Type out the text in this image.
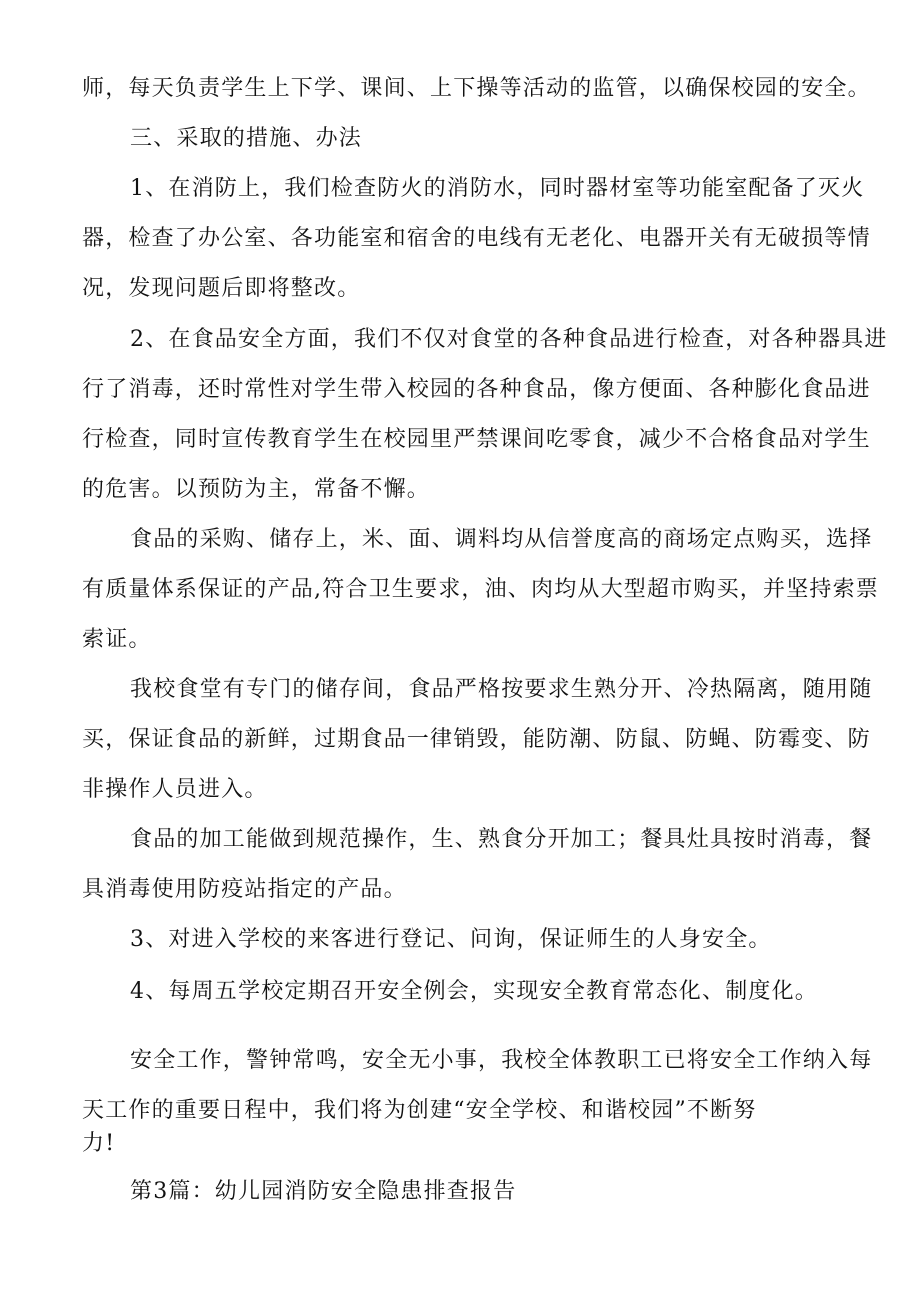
师，每天负责学生上下学、课间、上下操等活动的监管，以确保校园的安全。
三、采取的措施、办法
1、在消防上，我们检查防火的消防水，同时器材室等功能室配备了灭火
器，检查了办公室、各功能室和宿舍的电线有无老化、电器开关有无破损等情
况，发现问题后即将整改。
2、在食品安全方面，我们不仅对食堂的各种食品进行检查，对各种器具进
行了消毒，还时常性对学生带入校园的各种食品，像方便面、各种膨化食品进
行检查，同时宣传教育学生在校园里严禁课间吃零食，减少不合格食品对学生
的危害。以预防为主，常备不懈。
食品的采购、储存上，米、面、调料均从信誉度高的商场定点购买，选择
有质量体系保证的产品,符合卫生要求，油、肉均从大型超市购买，并坚持索票
索证。
我校食堂有专门的储存间，食品严格按要求生熟分开、冷热隔离，随用随
买，保证食品的新鲜，过期食品一律销毁，能防潮、防鼠、防蝇、防霉变、防
非操作人员进入。
食品的加工能做到规范操作，生、熟食分开加工；餐具灶具按时消毒，餐
具消毒使用防疫站指定的产品。
3、对进入学校的来客进行登记、问询，保证师生的人身安全。
4、每周五学校定期召开安全例会，实现安全教育常态化、制度化。
安全工作，警钟常鸣，安全无小事，我校全体教职工已将安全工作纳入每
天工作的重要日程中，我们将为创建“安全学校、和谐校园”不断努
力!
第3篇：幼儿园消防安全隐患排查报告
